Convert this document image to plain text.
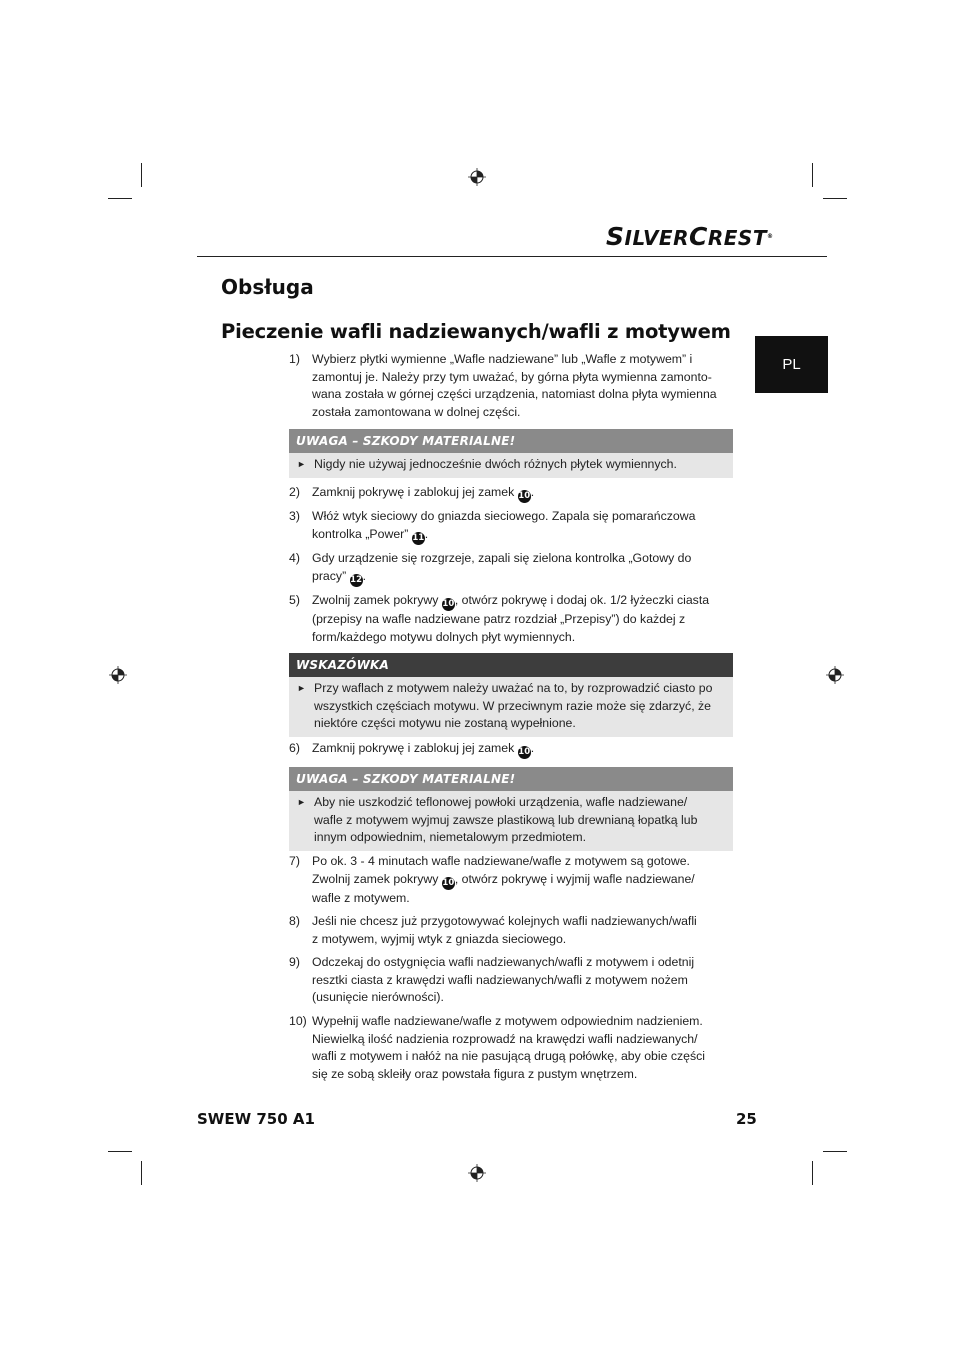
SILVERCREST®
PL
Obsługa
Pieczenie wafli nadziewanych/wafli z motywem
1) Wybierz płytki wymienne „Wafle nadziewane” lub „Wafle z motywem” i
zamontuj je. Należy przy tym uważać, by górna płyta wymienna zamonto-
wana została w górnej części urządzenia, natomiast dolna płyta wymienna
została zamontowana w dolnej części.
UWAGA – SZKODY MATERIALNE!
► Nigdy nie używaj jednocześnie dwóch różnych płytek wymiennych.
2) Zamknij pokrywę i zablokuj jej zamek 10.
3) Włóż wtyk sieciowy do gniazda sieciowego. Zapala się pomarańczowa
kontrolka „Power” 11.
4) Gdy urządzenie się rozgrzeje, zapali się zielona kontrolka „Gotowy do
pracy” 12.
5) Zwolnij zamek pokrywy 10, otwórz pokrywę i dodaj ok. 1/2 łyżeczki ciasta
(przepisy na wafle nadziewane patrz rozdział „Przepisy”) do każdej z
form/każdego motywu dolnych płyt wymiennych.
WSKAZÓWKA
► Przy waflach z motywem należy uważać na to, by rozprowadzić ciasto po
wszystkich częściach motywu. W przeciwnym razie może się zdarzyć, że
niektóre części motywu nie zostaną wypełnione.
6) Zamknij pokrywę i zablokuj jej zamek 10.
UWAGA – SZKODY MATERIALNE!
► Aby nie uszkodzić teflonowej powłoki urządzenia, wafle nadziewane/
wafle z motywem wyjmuj zawsze plastikową lub drewnianą łopatką lub
innym odpowiednim, niemetalowym przedmiotem.
7) Po ok. 3 - 4 minutach wafle nadziewane/wafle z motywem są gotowe.
Zwolnij zamek pokrywy 10, otwórz pokrywę i wyjmij wafle nadziewane/
wafle z motywem.
8) Jeśli nie chcesz już przygotowywać kolejnych wafli nadziewanych/wafli
z motywem, wyjmij wtyk z gniazda sieciowego.
9) Odczekaj do ostygnięcia wafli nadziewanych/wafli z motywem i odetnij
resztki ciasta z krawędzi wafli nadziewanych/wafli z motywem nożem
(usunięcie nierówności).
10) Wypełnij wafle nadziewane/wafle z motywem odpowiednim nadzieniem.
Niewielką ilość nadzienia rozprowadź na krawędzi wafli nadziewanych/
wafli z motywem i nałóż na nie pasującą drugą połówkę, aby obie części
się ze sobą skleiły oraz powstała figura z pustym wnętrzem.
SWEW 750 A1	25
